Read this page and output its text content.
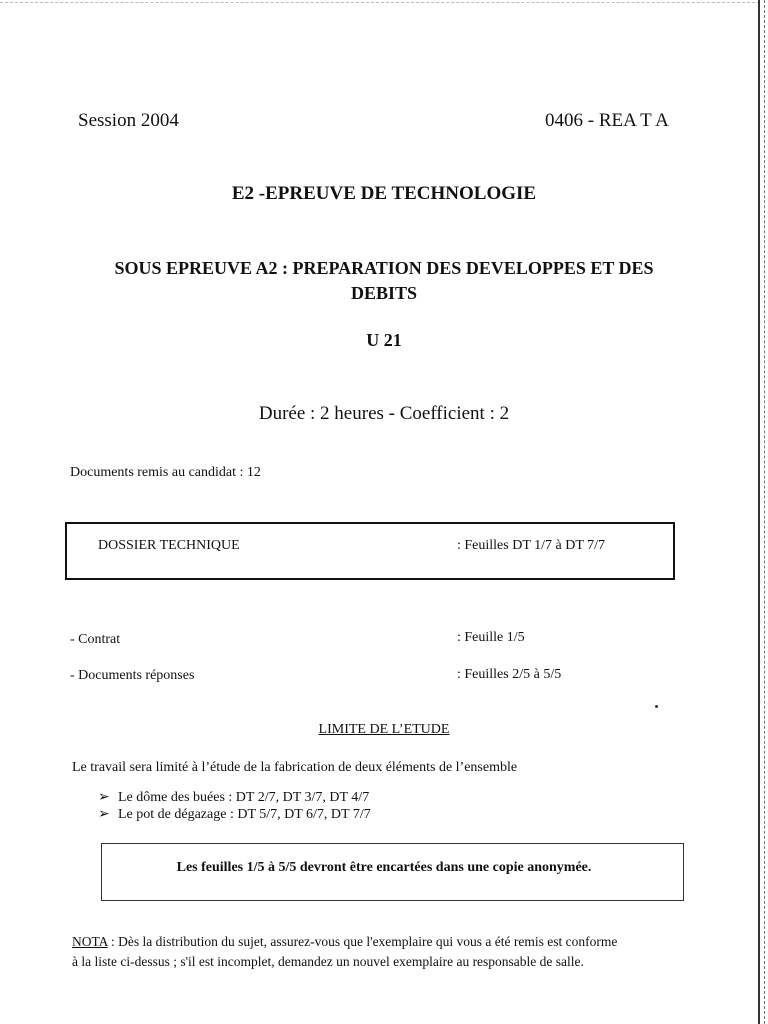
Session 2004	0406 - REA T A
E2 -EPREUVE DE TECHNOLOGIE
SOUS EPREUVE A2 : PREPARATION DES DEVELOPPES ET DES
DEBITS
U 21
Durée : 2 heures - Coefficient : 2
Documents remis au candidat : 12
DOSSIER TECHNIQUE	: Feuilles DT 1/7 à DT 7/7
- Contrat	: Feuille 1/5
- Documents réponses	: Feuilles 2/5 à 5/5
LIMITE DE L’ETUDE
Le travail sera limité à l’étude de la fabrication de deux éléments de l’ensemble
➢ Le dôme des buées : DT 2/7, DT 3/7, DT 4/7
➢ Le pot de dégazage : DT 5/7, DT 6/7, DT 7/7
Les feuilles 1/5 à 5/5 devront être encartées dans une copie anonymée.
NOTA : Dès la distribution du sujet, assurez-vous que l'exemplaire qui vous a été remis est conforme
à la liste ci-dessus ; s'il est incomplet, demandez un nouvel exemplaire au responsable de salle.
